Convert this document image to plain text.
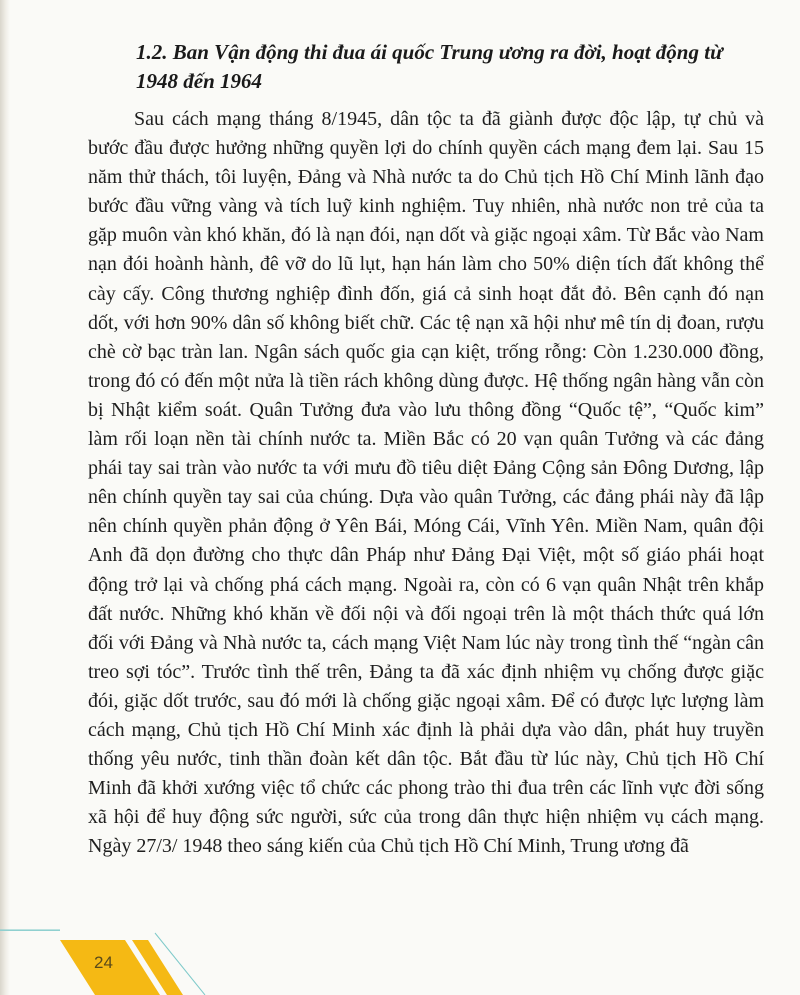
1.2. Ban Vận động thi đua ái quốc Trung ương ra đời, hoạt động từ 1948 đến 1964

Sau cách mạng tháng 8/1945, dân tộc ta đã giành được độc lập, tự chủ và bước đầu được hưởng những quyền lợi do chính quyền cách mạng đem lại. Sau 15 năm thử thách, tôi luyện, Đảng và Nhà nước ta do Chủ tịch Hồ Chí Minh lãnh đạo bước đầu vững vàng và tích luỹ kinh nghiệm. Tuy nhiên, nhà nước non trẻ của ta gặp muôn vàn khó khăn, đó là nạn đói, nạn dốt và giặc ngoại xâm. Từ Bắc vào Nam nạn đói hoành hành, đê vỡ do lũ lụt, hạn hán làm cho 50% diện tích đất không thể cày cấy. Công thương nghiệp đình đốn, giá cả sinh hoạt đắt đỏ. Bên cạnh đó nạn dốt, với hơn 90% dân số không biết chữ. Các tệ nạn xã hội như mê tín dị đoan, rượu chè cờ bạc tràn lan. Ngân sách quốc gia cạn kiệt, trống rỗng: Còn 1.230.000 đồng, trong đó có đến một nửa là tiền rách không dùng được. Hệ thống ngân hàng vẫn còn bị Nhật kiểm soát. Quân Tưởng đưa vào lưu thông đồng “Quốc tệ”, “Quốc kim” làm rối loạn nền tài chính nước ta. Miền Bắc có 20 vạn quân Tưởng và các đảng phái tay sai tràn vào nước ta với mưu đồ tiêu diệt Đảng Cộng sản Đông Dương, lập nên chính quyền tay sai của chúng. Dựa vào quân Tưởng, các đảng phái này đã lập nên chính quyền phản động ở Yên Bái, Móng Cái, Vĩnh Yên. Miền Nam, quân đội Anh đã dọn đường cho thực dân Pháp như Đảng Đại Việt, một số giáo phái hoạt động trở lại và chống phá cách mạng. Ngoài ra, còn có 6 vạn quân Nhật trên khắp đất nước. Những khó khăn về đối nội và đối ngoại trên là một thách thức quá lớn đối với Đảng và Nhà nước ta, cách mạng Việt Nam lúc này trong tình thế “ngàn cân treo sợi tóc”. Trước tình thế trên, Đảng ta đã xác định nhiệm vụ chống được giặc đói, giặc dốt trước, sau đó mới là chống giặc ngoại xâm. Để có được lực lượng làm cách mạng, Chủ tịch Hồ Chí Minh xác định là phải dựa vào dân, phát huy truyền thống yêu nước, tinh thần đoàn kết dân tộc. Bắt đầu từ lúc này, Chủ tịch Hồ Chí Minh đã khởi xướng việc tổ chức các phong trào thi đua trên các lĩnh vực đời sống xã hội để huy động sức người, sức của trong dân thực hiện nhiệm vụ cách mạng. Ngày 27/3/ 1948 theo sáng kiến của Chủ tịch Hồ Chí Minh, Trung ương đã

24
